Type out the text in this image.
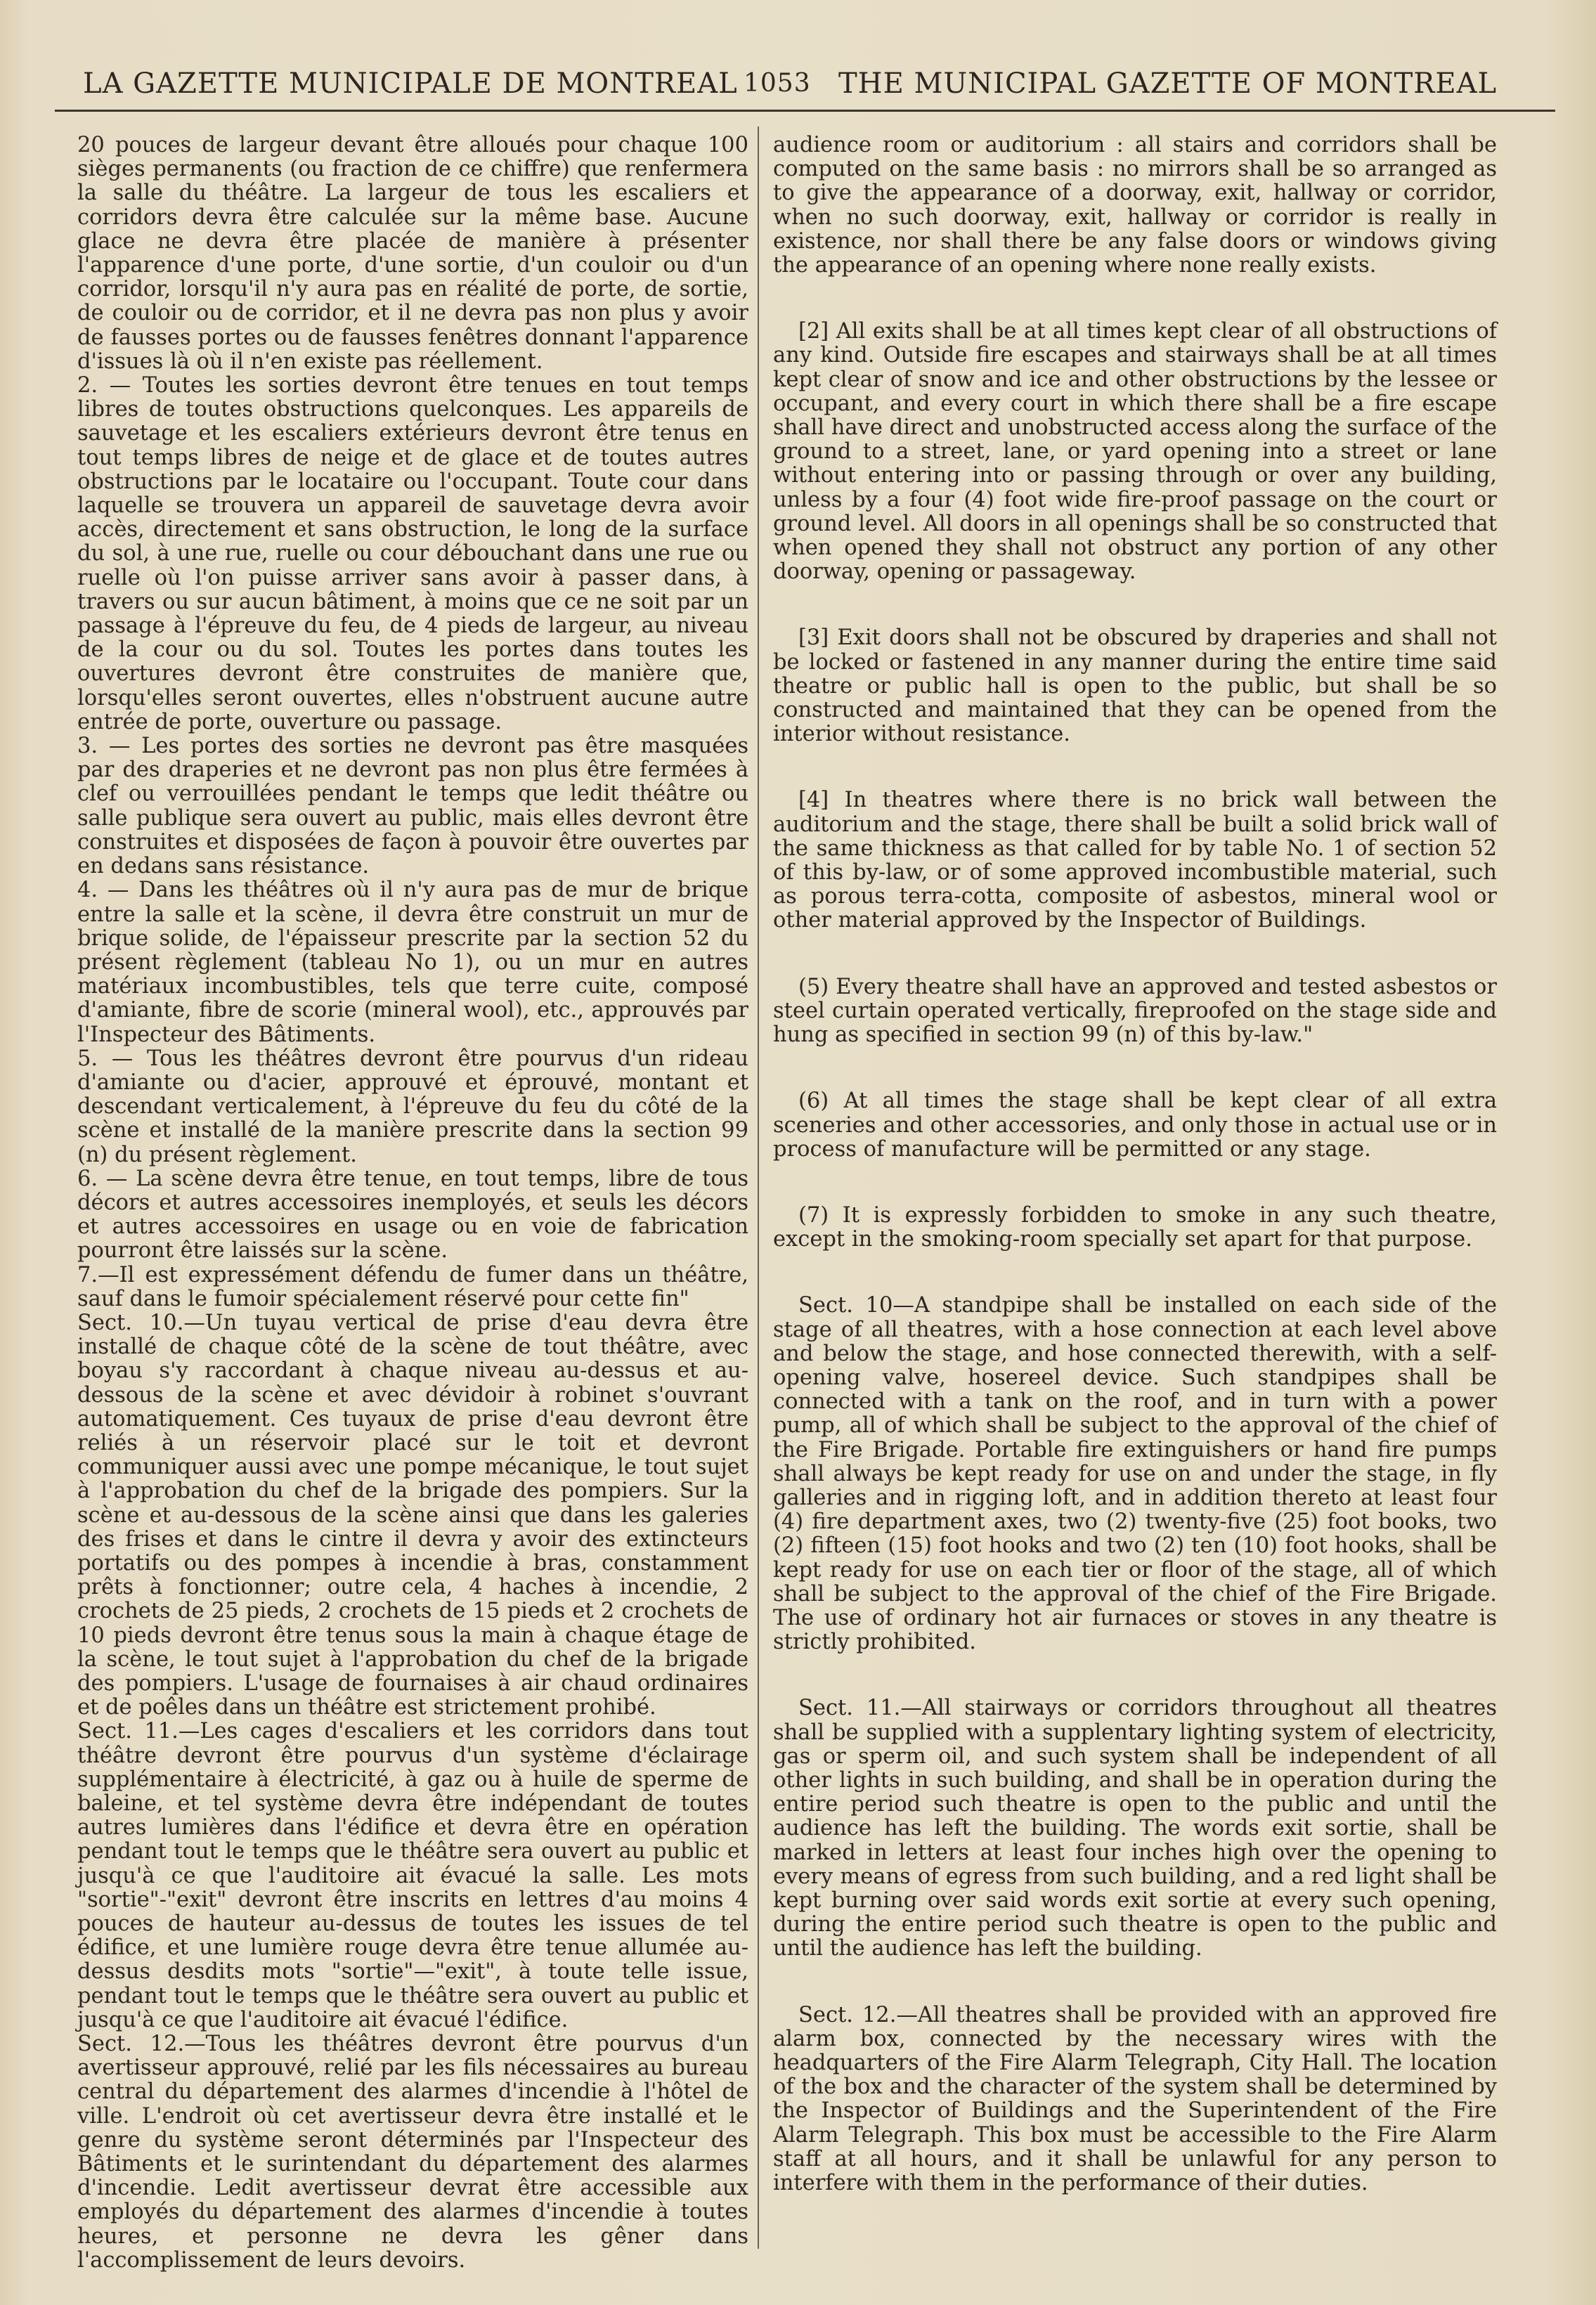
LA GAZETTE MUNICIPALE DE MONTREAL 1053 THE MUNICIPAL GAZETTE OF MONTREAL

20 pouces de largeur devant être alloués pour chaque 100 sièges permanents (ou fraction de ce chiffre) que renfermera la salle du théâtre. La largeur de tous les escaliers et corridors devra être calculée sur la même base. Aucune glace ne devra être placée de manière à présenter l'apparence d'une porte, d'une sortie, d'un couloir ou d'un corridor, lorsqu'il n'y aura pas en réalité de porte, de sortie, de couloir ou de corridor, et il ne devra pas non plus y avoir de fausses portes ou de fausses fenêtres donnant l'apparence d'issues là où il n'en existe pas réellement.

2. — Toutes les sorties devront être tenues en tout temps libres de toutes obstructions quelconques. Les appareils de sauvetage et les escaliers extérieurs devront être tenus en tout temps libres de neige et de glace et de toutes autres obstructions par le locataire ou l'occupant. Toute cour dans laquelle se trouvera un appareil de sauvetage devra avoir accès, directement et sans obstruction, le long de la surface du sol, à une rue, ruelle ou cour débouchant dans une rue ou ruelle où l'on puisse arriver sans avoir à passer dans, à travers ou sur aucun bâtiment, à moins que ce ne soit par un passage à l'épreuve du feu, de 4 pieds de largeur, au niveau de la cour ou du sol. Toutes les portes dans toutes les ouvertures devront être construites de manière que, lorsqu'elles seront ouvertes, elles n'obstruent aucune autre entrée de porte, ouverture ou passage.

3. — Les portes des sorties ne devront pas être masquées par des draperies et ne devront pas non plus être fermées à clef ou verrouillées pendant le temps que ledit théâtre ou salle publique sera ouvert au public, mais elles devront être construites et disposées de façon à pouvoir être ouvertes par en dedans sans résistance.

4. — Dans les théâtres où il n'y aura pas de mur de brique entre la salle et la scène, il devra être construit un mur de brique solide, de l'épaisseur prescrite par la section 52 du présent règlement (tableau No 1), ou un mur en autres matériaux incombustibles, tels que terre cuite, composé d'amiante, fibre de scorie (mineral wool), etc., approuvés par l'Inspecteur des Bâtiments.

5. — Tous les théâtres devront être pourvus d'un rideau d'amiante ou d'acier, approuvé et éprouvé, montant et descendant verticalement, à l'épreuve du feu du côté de la scène et installé de la manière prescrite dans la section 99 (n) du présent règlement.

6. — La scène devra être tenue, en tout temps, libre de tous décors et autres accessoires inemployés, et seuls les décors et autres accessoires en usage ou en voie de fabrication pourront être laissés sur la scène.

7.—Il est expressément défendu de fumer dans un théâtre, sauf dans le fumoir spécialement réservé pour cette fin"

Sect. 10.—Un tuyau vertical de prise d'eau devra être installé de chaque côté de la scène de tout théâtre, avec boyau s'y raccordant à chaque niveau au-dessus et au-dessous de la scène et avec dévidoir à robinet s'ouvrant automatiquement. Ces tuyaux de prise d'eau devront être reliés à un réservoir placé sur le toit et devront communiquer aussi avec une pompe mécanique, le tout sujet à l'approbation du chef de la brigade des pompiers. Sur la scène et au-dessous de la scène ainsi que dans les galeries des frises et dans le cintre il devra y avoir des extincteurs portatifs ou des pompes à incendie à bras, constamment prêts à fonctionner; outre cela, 4 haches à incendie, 2 crochets de 25 pieds, 2 crochets de 15 pieds et 2 crochets de 10 pieds devront être tenus sous la main à chaque étage de la scène, le tout sujet à l'approbation du chef de la brigade des pompiers. L'usage de fournaises à air chaud ordinaires et de poêles dans un théâtre est strictement prohibé.

Sect. 11.—Les cages d'escaliers et les corridors dans tout théâtre devront être pourvus d'un système d'éclairage supplémentaire à électricité, à gaz ou à huile de sperme de baleine, et tel système devra être indépendant de toutes autres lumières dans l'édifice et devra être en opération pendant tout le temps que le théâtre sera ouvert au public et jusqu'à ce que l'auditoire ait évacué la salle. Les mots "sortie"-"exit" devront être inscrits en lettres d'au moins 4 pouces de hauteur au-dessus de toutes les issues de tel édifice, et une lumière rouge devra être tenue allumée au-dessus desdits mots "sortie"—"exit", à toute telle issue, pendant tout le temps que le théâtre sera ouvert au public et jusqu'à ce que l'auditoire ait évacué l'édifice.

Sect. 12.—Tous les théâtres devront être pourvus d'un avertisseur approuvé, relié par les fils nécessaires au bureau central du département des alarmes d'incendie à l'hôtel de ville. L'endroit où cet avertisseur devra être installé et le genre du système seront déterminés par l'Inspecteur des Bâtiments et le surintendant du département des alarmes d'incendie. Ledit avertisseur devrat être accessible aux employés du département des alarmes d'incendie à toutes heures, et personne ne devra les gêner dans l'accomplissement de leurs devoirs.

audience room or auditorium : all stairs and corridors shall be computed on the same basis : no mirrors shall be so arranged as to give the appearance of a doorway, exit, hallway or corridor, when no such doorway, exit, hallway or corridor is really in existence, nor shall there be any false doors or windows giving the appearance of an opening where none really exists.

[2] All exits shall be at all times kept clear of all obstructions of any kind. Outside fire escapes and stairways shall be at all times kept clear of snow and ice and other obstructions by the lessee or occupant, and every court in which there shall be a fire escape shall have direct and unobstructed access along the surface of the ground to a street, lane, or yard opening into a street or lane without entering into or passing through or over any building, unless by a four (4) foot wide fire-proof passage on the court or ground level. All doors in all openings shall be so constructed that when opened they shall not obstruct any portion of any other doorway, opening or passageway.

[3] Exit doors shall not be obscured by draperies and shall not be locked or fastened in any manner during the entire time said theatre or public hall is open to the public, but shall be so constructed and maintained that they can be opened from the interior without resistance.

[4] In theatres where there is no brick wall between the auditorium and the stage, there shall be built a solid brick wall of the same thickness as that called for by table No. 1 of section 52 of this by-law, or of some approved incombustible material, such as porous terra-cotta, composite of asbestos, mineral wool or other material approved by the Inspector of Buildings.

(5) Every theatre shall have an approved and tested asbestos or steel curtain operated vertically, fireproofed on the stage side and hung as specified in section 99 (n) of this by-law."

(6) At all times the stage shall be kept clear of all extra sceneries and other accessories, and only those in actual use or in process of manufacture will be permitted or any stage.

(7) It is expressly forbidden to smoke in any such theatre, except in the smoking-room specially set apart for that purpose.

Sect. 10—A standpipe shall be installed on each side of the stage of all theatres, with a hose connection at each level above and below the stage, and hose connected therewith, with a self-opening valve, hosereel device. Such standpipes shall be connected with a tank on the roof, and in turn with a power pump, all of which shall be subject to the approval of the chief of the Fire Brigade. Portable fire extinguishers or hand fire pumps shall always be kept ready for use on and under the stage, in fly galleries and in rigging loft, and in addition thereto at least four (4) fire department axes, two (2) twenty-five (25) foot books, two (2) fifteen (15) foot hooks and two (2) ten (10) foot hooks, shall be kept ready for use on each tier or floor of the stage, all of which shall be subject to the approval of the chief of the Fire Brigade. The use of ordinary hot air furnaces or stoves in any theatre is strictly prohibited.

Sect. 11.—All stairways or corridors throughout all theatres shall be supplied with a supplentary lighting system of electricity, gas or sperm oil, and such system shall be independent of all other lights in such building, and shall be in operation during the entire period such theatre is open to the public and until the audience has left the building. The words exit sortie, shall be marked in letters at least four inches high over the opening to every means of egress from such building, and a red light shall be kept burning over said words exit sortie at every such opening, during the entire period such theatre is open to the public and until the audience has left the building.

Sect. 12.—All theatres shall be provided with an approved fire alarm box, connected by the necessary wires with the headquarters of the Fire Alarm Telegraph, City Hall. The location of the box and the character of the system shall be determined by the Inspector of Buildings and the Superintendent of the Fire Alarm Telegraph. This box must be accessible to the Fire Alarm staff at all hours, and it shall be unlawful for any person to interfere with them in the performance of their duties.
